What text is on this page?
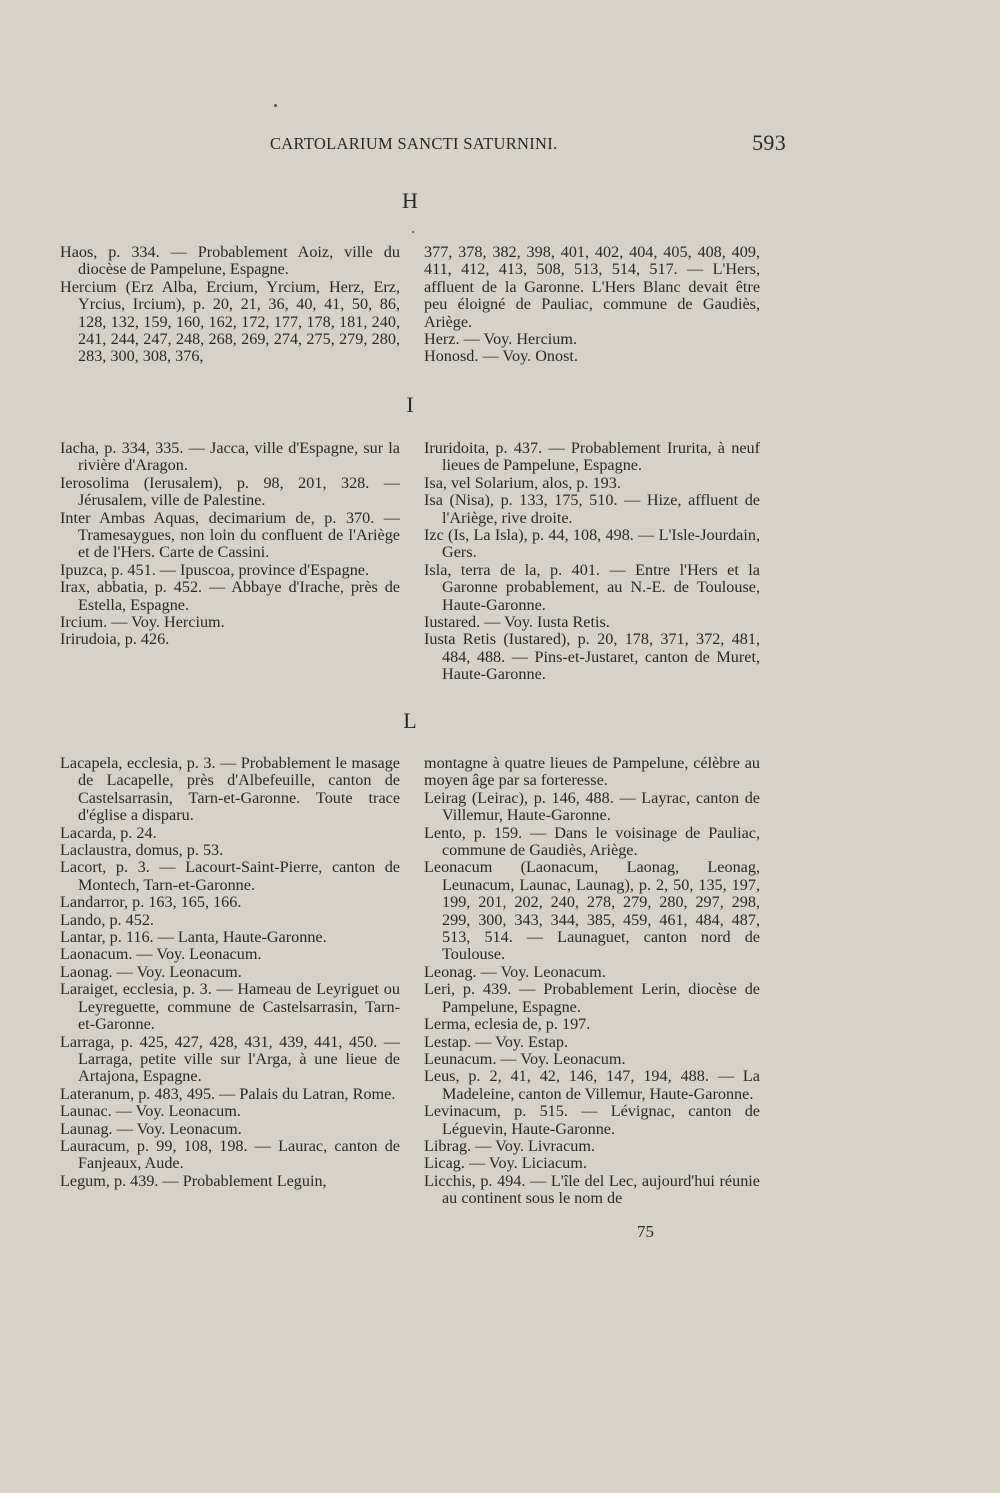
CARTOLARIUM SANCTI SATURNINI.	593
H

Haos, p. 334. — Probablement Aoiz, ville du diocèse de Pampelune, Espagne.

Hercium (Erz Alba, Ercium, Yrcium, Herz, Erz, Yrcius, Ircium), p. 20, 21, 36, 40, 41, 50, 86, 128, 132, 159, 160, 162, 172, 177, 178, 181, 240, 241, 244, 247, 248, 268, 269, 274, 275, 279, 280, 283, 300, 308, 376,

377, 378, 382, 398, 401, 402, 404, 405, 408, 409, 411, 412, 413, 508, 513, 514, 517. — L'Hers, affluent de la Garonne. L'Hers Blanc devait être peu éloigné de Pauliac, commune de Gaudiès, Ariège.

Herz. — Voy. Hercium.

Honosd. — Voy. Onost.

I

Iacha, p. 334, 335. — Jacca, ville d'Espagne, sur la rivière d'Aragon.

Ierosolima (Ierusalem), p. 98, 201, 328. — Jérusalem, ville de Palestine.

Inter Ambas Aquas, decimarium de, p. 370. — Tramesaygues, non loin du confluent de l'Ariège et de l'Hers. Carte de Cassini.

Ipuzca, p. 451. — Ipuscoa, province d'Espagne.

Irax, abbatia, p. 452. — Abbaye d'Irache, près de Estella, Espagne.

Ircium. — Voy. Hercium.

Irirudoia, p. 426.

Iruridoita, p. 437. — Probablement Irurita, à neuf lieues de Pampelune, Espagne.

Isa, vel Solarium, alos, p. 193.

Isa (Nisa), p. 133, 175, 510. — Hize, affluent de l'Ariège, rive droite.

Izc (Is, La Isla), p. 44, 108, 498. — L'Isle-Jourdain, Gers.

Isla, terra de la, p. 401. — Entre l'Hers et la Garonne probablement, au N.-E. de Toulouse, Haute-Garonne.

Iustared. — Voy. Iusta Retis.

Iusta Retis (Iustared), p. 20, 178, 371, 372, 481, 484, 488. — Pins-et-Justaret, canton de Muret, Haute-Garonne.

L

Lacapela, ecclesia, p. 3. — Probablement le masage de Lacapelle, près d'Albefeuille, canton de Castelsarrasin, Tarn-et-Garonne. Toute trace d'église a disparu.

Lacarda, p. 24.

Laclaustra, domus, p. 53.

Lacort, p. 3. — Lacourt-Saint-Pierre, canton de Montech, Tarn-et-Garonne.

Landarror, p. 163, 165, 166.

Lando, p. 452.

Lantar, p. 116. — Lanta, Haute-Garonne.

Laonacum. — Voy. Leonacum.

Laonag. — Voy. Leonacum.

Laraiget, ecclesia, p. 3. — Hameau de Leyriguet ou Leyreguette, commune de Castelsarrasin, Tarn-et-Garonne.

Larraga, p. 425, 427, 428, 431, 439, 441, 450. — Larraga, petite ville sur l'Arga, à une lieue de Artajona, Espagne.

Lateranum, p. 483, 495. — Palais du Latran, Rome.

Launac. — Voy. Leonacum.

Launag. — Voy. Leonacum.

Lauracum, p. 99, 108, 198. — Laurac, canton de Fanjeaux, Aude.

Legum, p. 439. — Probablement Leguin,

montagne à quatre lieues de Pampelune, célèbre au moyen âge par sa forteresse.

Leirag (Leirac), p. 146, 488. — Layrac, canton de Villemur, Haute-Garonne.

Lento, p. 159. — Dans le voisinage de Pauliac, commune de Gaudiès, Ariège.

Leonacum (Laonacum, Laonag, Leonag, Leunacum, Launac, Launag), p. 2, 50, 135, 197, 199, 201, 202, 240, 278, 279, 280, 297, 298, 299, 300, 343, 344, 385, 459, 461, 484, 487, 513, 514. — Launaguet, canton nord de Toulouse.

Leonag. — Voy. Leonacum.

Leri, p. 439. — Probablement Lerin, diocèse de Pampelune, Espagne.

Lerma, eclesia de, p. 197.

Lestap. — Voy. Estap.

Leunacum. — Voy. Leonacum.

Leus, p. 2, 41, 42, 146, 147, 194, 488. — La Madeleine, canton de Villemur, Haute-Garonne.

Levinacum, p. 515. — Lévignac, canton de Léguevin, Haute-Garonne.

Librag. — Voy. Livracum.

Licag. — Voy. Liciacum.

Licchis, p. 494. — L'île del Lec, aujourd'hui réunie au continent sous le nom de

75
